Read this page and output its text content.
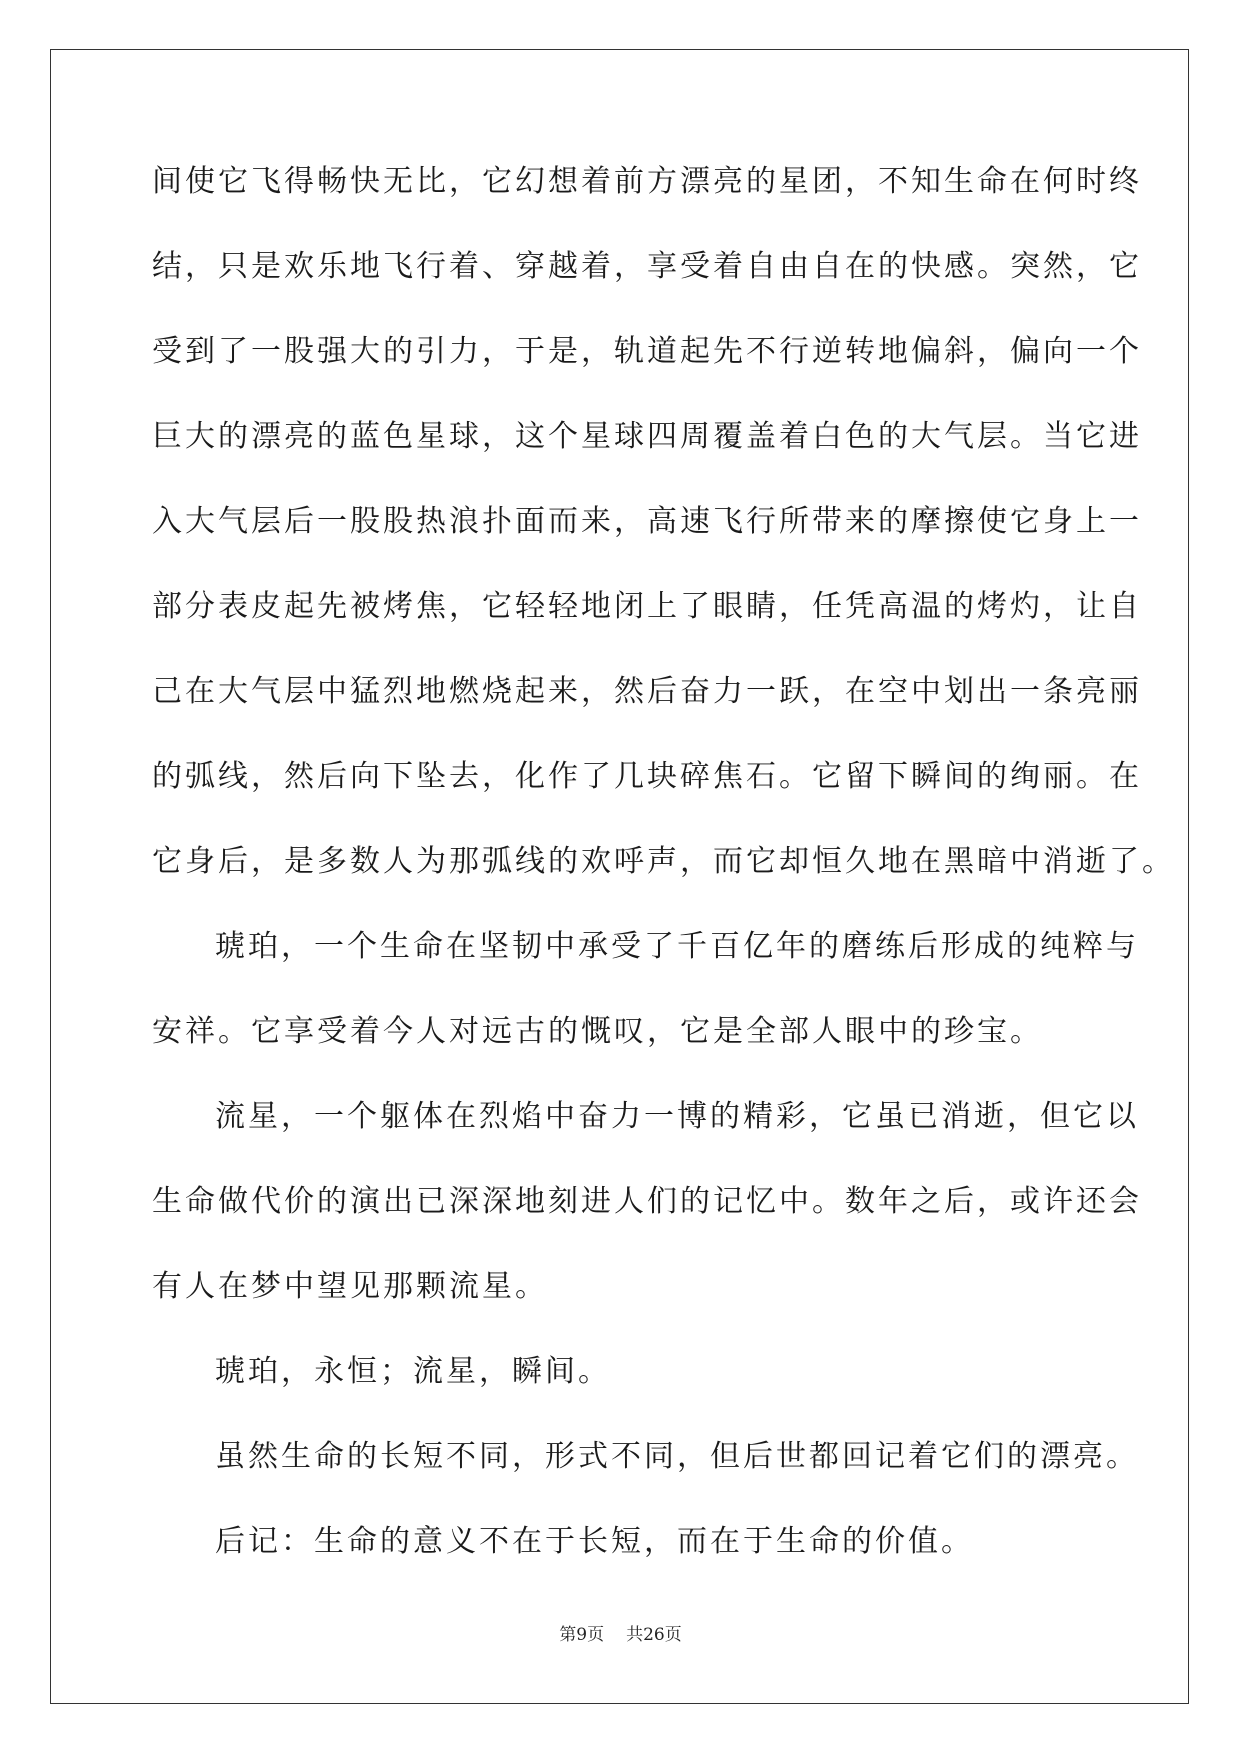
间使它飞得畅快无比，它幻想着前方漂亮的星团，不知生命在何时终
结，只是欢乐地飞行着、穿越着，享受着自由自在的快感。突然，它
受到了一股强大的引力，于是，轨道起先不行逆转地偏斜，偏向一个
巨大的漂亮的蓝色星球，这个星球四周覆盖着白色的大气层。当它进
入大气层后一股股热浪扑面而来，高速飞行所带来的摩擦使它身上一
部分表皮起先被烤焦，它轻轻地闭上了眼睛，任凭高温的烤灼，让自
己在大气层中猛烈地燃烧起来，然后奋力一跃，在空中划出一条亮丽
的弧线，然后向下坠去，化作了几块碎焦石。它留下瞬间的绚丽。在
它身后，是多数人为那弧线的欢呼声，而它却恒久地在黑暗中消逝了。
琥珀，一个生命在坚韧中承受了千百亿年的磨练后形成的纯粹与
安祥。它享受着今人对远古的慨叹，它是全部人眼中的珍宝。
流星，一个躯体在烈焰中奋力一博的精彩，它虽已消逝，但它以
生命做代价的演出已深深地刻进人们的记忆中。数年之后，或许还会
有人在梦中望见那颗流星。
琥珀，永恒；流星，瞬间。
虽然生命的长短不同，形式不同，但后世都回记着它们的漂亮。
后记：生命的意义不在于长短，而在于生命的价值。
第9页 共26页
